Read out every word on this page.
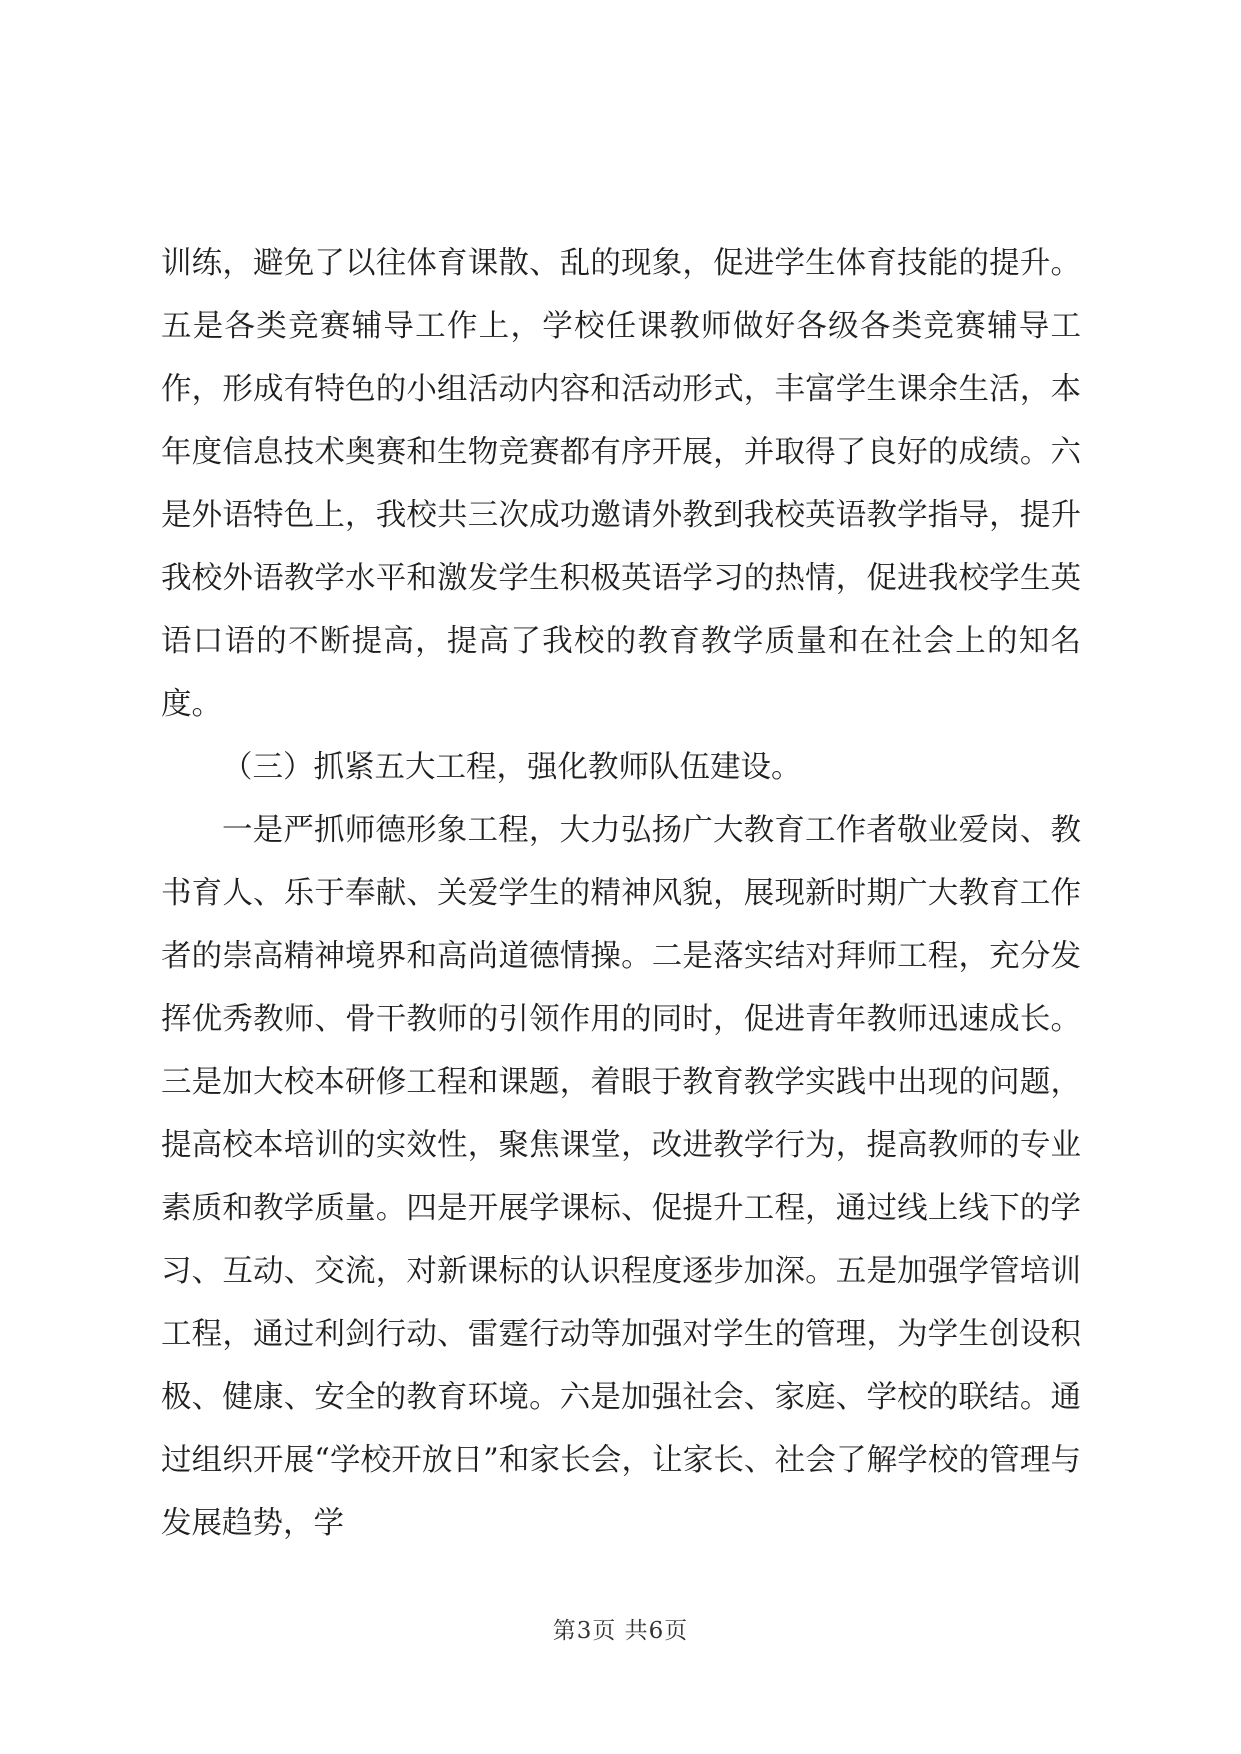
训练，避免了以往体育课散、乱的现象，促进学生体育技能的提升。五是各类竞赛辅导工作上，学校任课教师做好各级各类竞赛辅导工作，形成有特色的小组活动内容和活动形式，丰富学生课余生活，本年度信息技术奥赛和生物竞赛都有序开展，并取得了良好的成绩。六是外语特色上，我校共三次成功邀请外教到我校英语教学指导，提升我校外语教学水平和激发学生积极英语学习的热情，促进我校学生英语口语的不断提高，提高了我校的教育教学质量和在社会上的知名度。

（三）抓紧五大工程，强化教师队伍建设。

一是严抓师德形象工程，大力弘扬广大教育工作者敬业爱岗、教书育人、乐于奉献、关爱学生的精神风貌，展现新时期广大教育工作者的崇高精神境界和高尚道德情操。二是落实结对拜师工程，充分发挥优秀教师、骨干教师的引领作用的同时，促进青年教师迅速成长。三是加大校本研修工程和课题，着眼于教育教学实践中出现的问题，提高校本培训的实效性，聚焦课堂，改进教学行为，提高教师的专业素质和教学质量。四是开展学课标、促提升工程，通过线上线下的学习、互动、交流，对新课标的认识程度逐步加深。五是加强学管培训工程，通过利剑行动、雷霆行动等加强对学生的管理，为学生创设积极、健康、安全的教育环境。六是加强社会、家庭、学校的联结。通过组织开展“学校开放日”和家长会，让家长、社会了解学校的管理与发展趋势，学

第3页 共6页
